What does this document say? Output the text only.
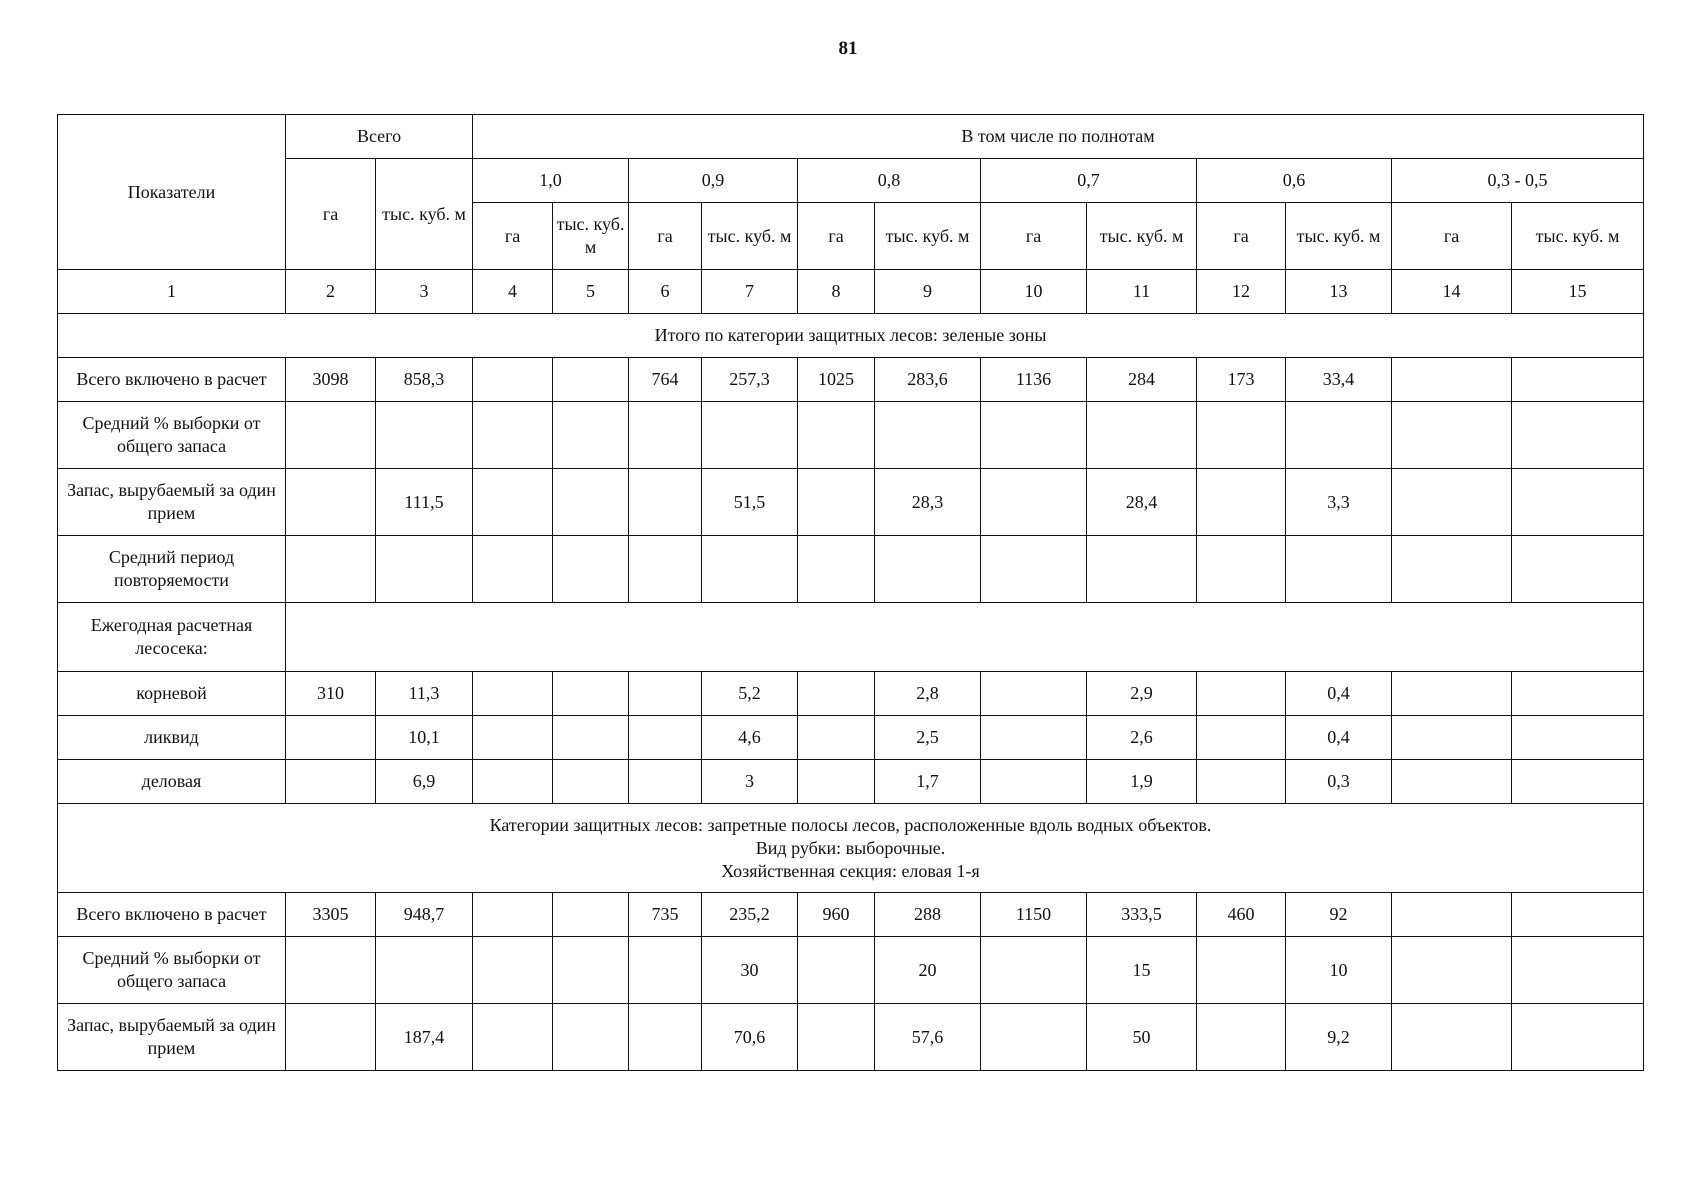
81
Показатели	Всего		В том числе по полнотам											
	га	тыс. куб. м	1,0		0,9		0,8		0,7		0,6		0,3 - 0,5	
			га	тыс. куб. м	га	тыс. куб. м	га	тыс. куб. м	га	тыс. куб. м	га	тыс. куб. м	га	тыс. куб. м
1	2	3	4	5	6	7	8	9	10	11	12	13	14	15

Итого по категории защитных лесов: зеленые зоны														

Всего включено в расчет	3098	858,3			764	257,3	1025	283,6	1136	284	173	33,4		
Средний % выборки от общего запаса														
Запас, вырубаемый за один прием		111,5				51,5		28,3		28,4		3,3		
Средний период повторяемости														
Ежегодная расчетная лесосека:														
корневой	310	11,3				5,2		2,8		2,9		0,4		
ликвид		10,1				4,6		2,5		2,6		0,4		
деловая		6,9				3		1,7		1,9		0,3		

Категории защитных лесов: запретные полосы лесов, расположенные вдоль водных объектов.
Вид рубки: выборочные.
Хозяйственная секция: еловая 1-я														

Всего включено в расчет	3305	948,7			735	235,2	960	288	1150	333,5	460	92		
Средний % выборки от общего запаса						30		20		15		10		
Запас, вырубаемый за один прием		187,4				70,6		57,6		50		9,2		
